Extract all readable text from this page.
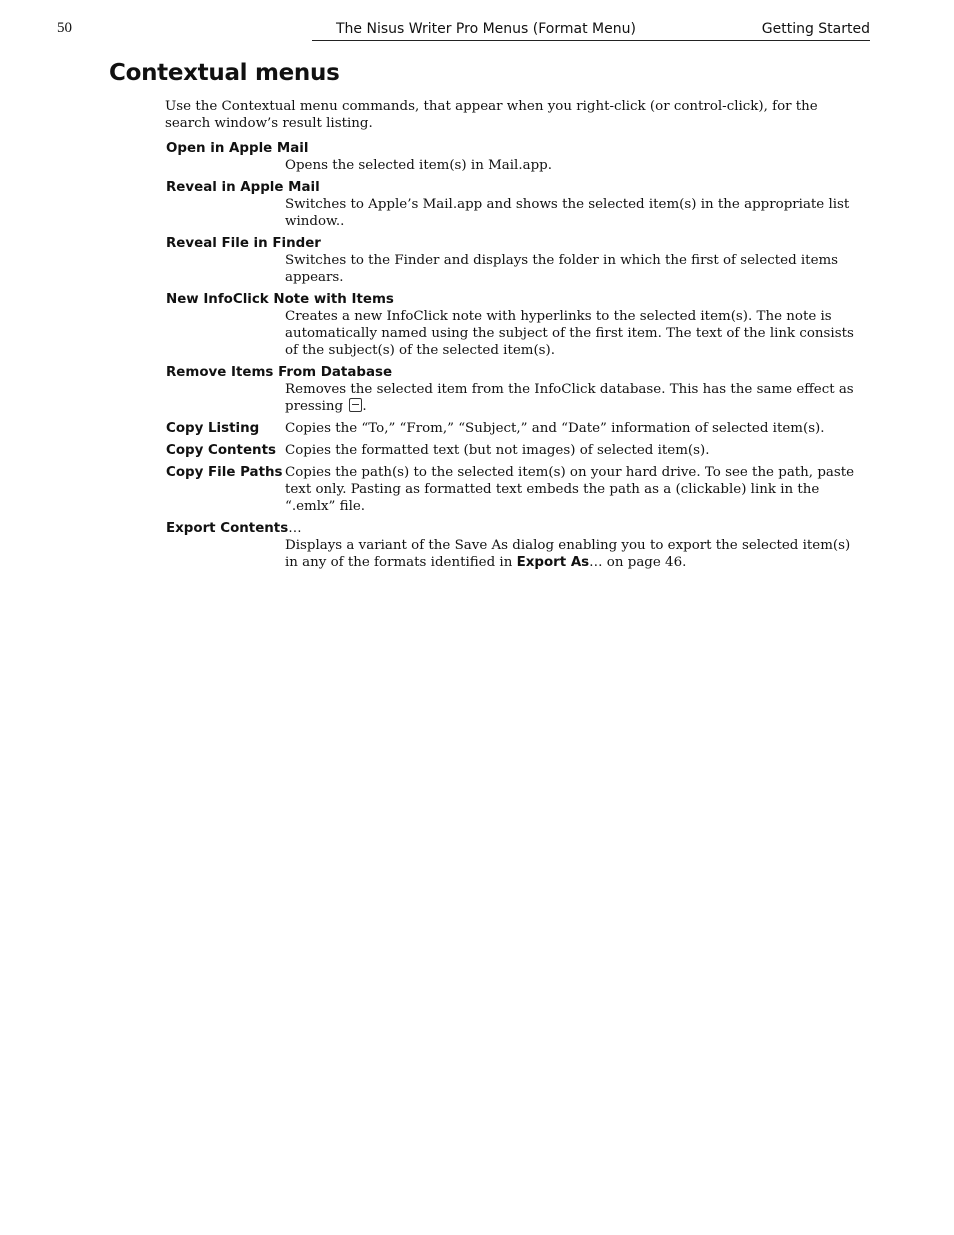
50	The Nisus Writer Pro Menus (Format Menu)	Getting Started
Contextual menus

Use the Contextual menu commands, that appear when you right-click (or control-click), for the search window’s result listing.

Open in Apple Mail
Opens the selected item(s) in Mail.app.
Reveal in Apple Mail
Switches to Apple’s Mail.app and shows the selected item(s) in the appropriate list window..
Reveal File in Finder
Switches to the Finder and displays the folder in which the first of selected items appears.
New InfoClick Note with Items
Creates a new InfoClick note with hyperlinks to the selected item(s). The note is automatically named using the subject of the first item. The text of the link consists of the subject(s) of the selected item(s).
Remove Items From Database
Removes the selected item from the InfoClick database. This has the same effect as pressing .
Copy Listing	Copies the “To,” “From,” “Subject,” and “Date” information of selected item(s).
Copy Contents Copies the formatted text (but not images) of selected item(s).
Copy File Paths Copies the path(s) to the selected item(s) on your hard drive. To see the path, paste text only. Pasting as formatted text embeds the path as a (clickable) link in the “.emlx” file.
Export Contents…
Displays a variant of the Save As dialog enabling you to export the selected item(s) in any of the formats identified in Export As… on page 46.
